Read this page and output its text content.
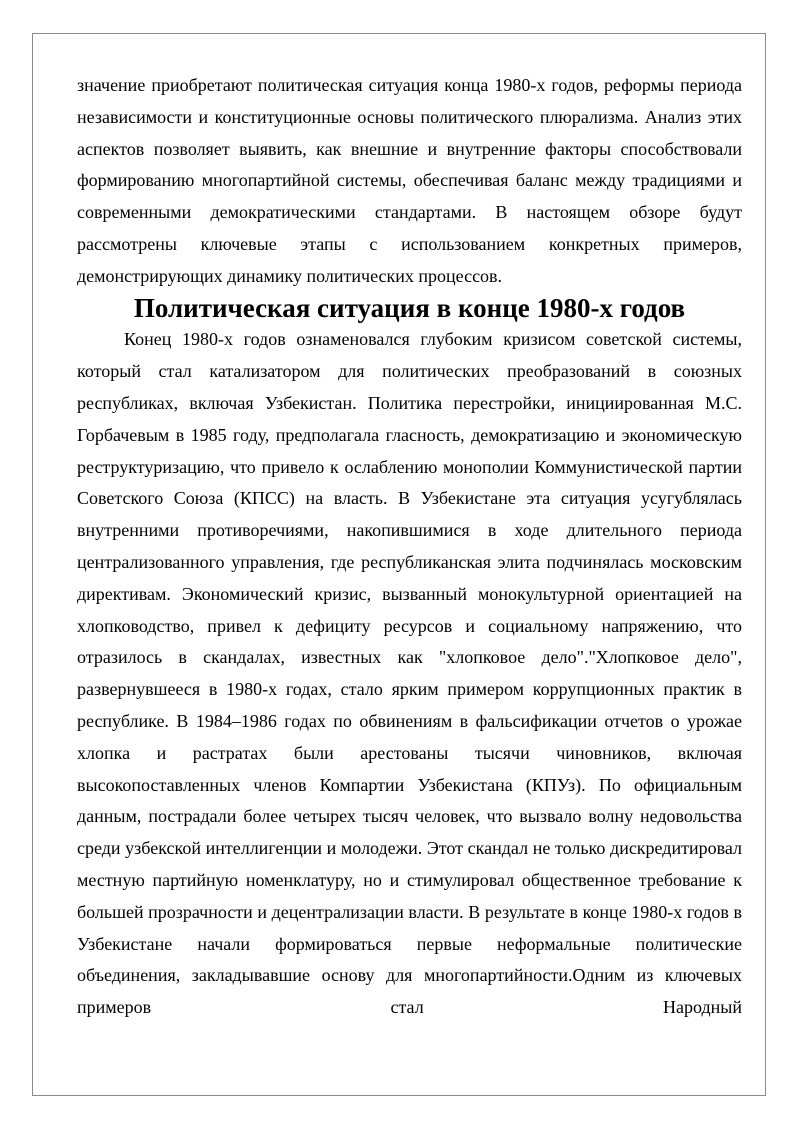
значение приобретают политическая ситуация конца 1980-х годов, реформы периода независимости и конституционные основы политического плюрализма. Анализ этих аспектов позволяет выявить, как внешние и внутренние факторы способствовали формированию многопартийной системы, обеспечивая баланс между традициями и современными демократическими стандартами. В настоящем обзоре будут рассмотрены ключевые этапы с использованием конкретных примеров, демонстрирующих динамику политических процессов.

Политическая ситуация в конце 1980-х годов

Конец 1980-х годов ознаменовался глубоким кризисом советской системы, который стал катализатором для политических преобразований в союзных республиках, включая Узбекистан. Политика перестройки, инициированная М.С. Горбачевым в 1985 году, предполагала гласность, демократизацию и экономическую реструктуризацию, что привело к ослаблению монополии Коммунистической партии Советского Союза (КПСС) на власть. В Узбекистане эта ситуация усугублялась внутренними противоречиями, накопившимися в ходе длительного периода централизованного управления, где республиканская элита подчинялась московским директивам. Экономический кризис, вызванный монокультурной ориентацией на хлопководство, привел к дефициту ресурсов и социальному напряжению, что отразилось в скандалах, известных как "хлопковое дело"."Хлопковое дело", развернувшееся в 1980-х годах, стало ярким примером коррупционных практик в республике. В 1984–1986 годах по обвинениям в фальсификации отчетов о урожае хлопка и растратах были арестованы тысячи чиновников, включая высокопоставленных членов Компартии Узбекистана (КПУз). По официальным данным, пострадали более четырех тысяч человек, что вызвало волну недовольства среди узбекской интеллигенции и молодежи. Этот скандал не только дискредитировал местную партийную номенклатуру, но и стимулировал общественное требование к большей прозрачности и децентрализации власти. В результате в конце 1980-х годов в Узбекистане начали формироваться первые неформальные политические объединения, закладывавшие основу для многопартийности.Одним из ключевых примеров стал Народный
